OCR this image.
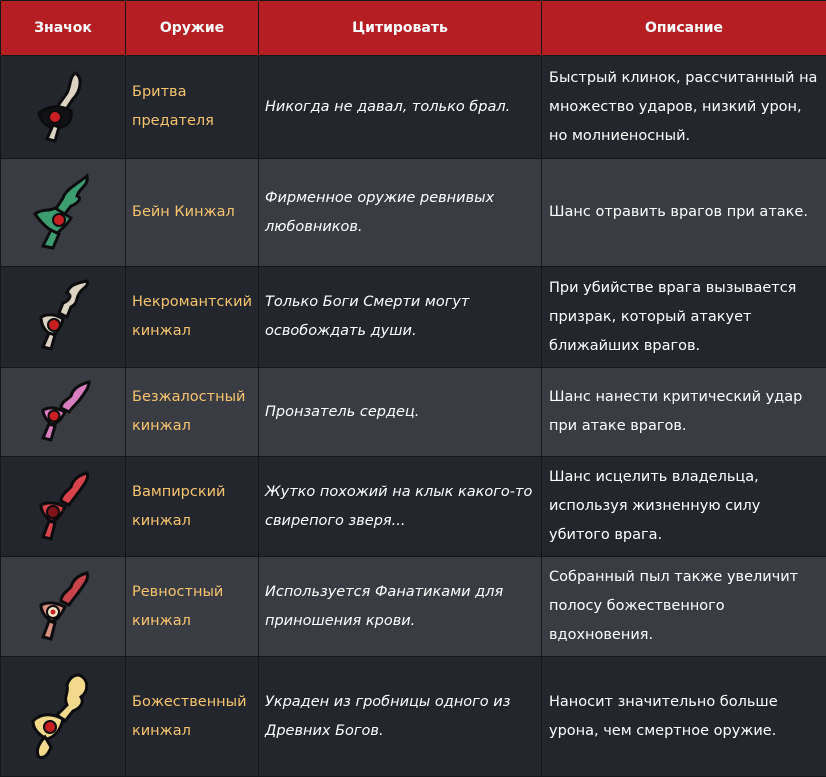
Значок	Оружие	Цитировать	Описание

	Бритва предателя	Никогда не давал, только брал.	Быстрый клинок, рассчитанный на множество ударов, низкий урон, но молниеносный.

	Бейн Кинжал	Фирменное оружие ревнивых любовников.	Шанс отравить врагов при атаке.

	Некромантский кинжал	Только Боги Смерти могут освобождать души.	При убийстве врага вызывается призрак, который атакует ближайших врагов.

	Безжалостный кинжал	Пронзатель сердец.	Шанс нанести критический удар при атаке врагов.

	Вампирский кинжал	Жутко похожий на клык какого-то свирепого зверя...	Шанс исцелить владельца, используя жизненную силу убитого врага.

	Ревностный кинжал	Используется Фанатиками для приношения крови.	Собранный пыл также увеличит полосу божественного вдохновения.

	Божественный кинжал	Украден из гробницы одного из Древних Богов.	Наносит значительно больше урона, чем смертное оружие.
